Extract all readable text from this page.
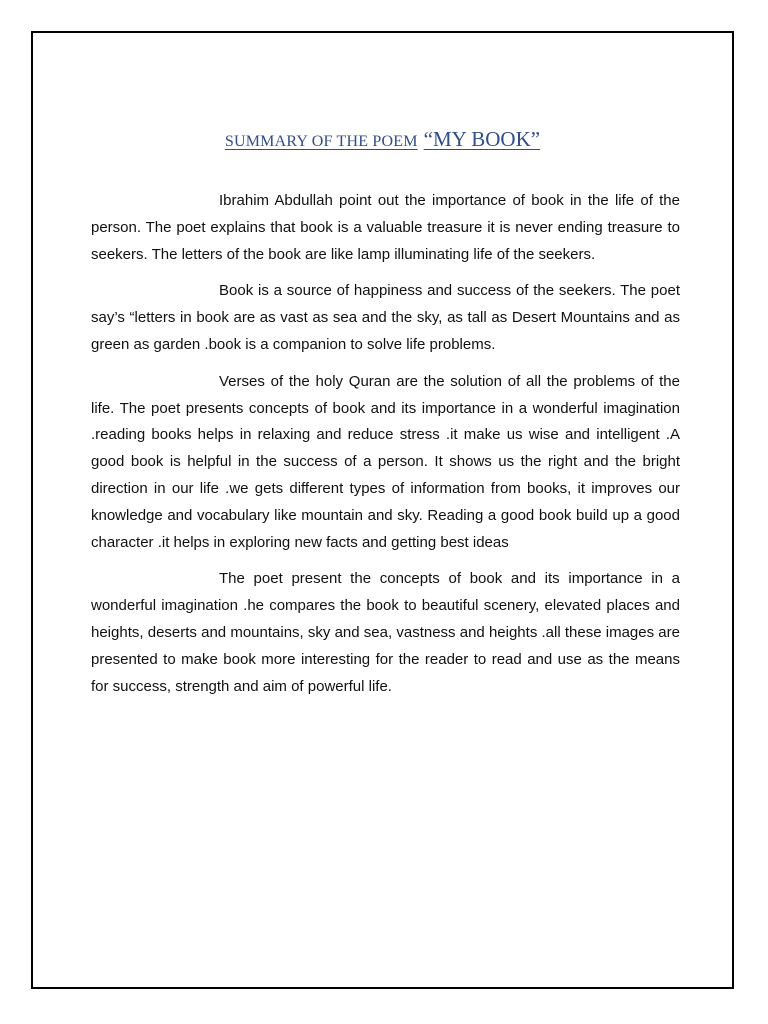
SUMMARY OF THE POEM “MY BOOK”

Ibrahim Abdullah point out the importance of book in the life of the person. The poet explains that book is a valuable treasure it is never ending treasure to seekers. The letters of the book are like lamp illuminating life of the seekers.

Book is a source of happiness and success of the seekers. The poet say’s “letters in book are as vast as sea and the sky, as tall as Desert Mountains and as green as garden .book is a companion to solve life problems.

Verses of the holy Quran are the solution of all the problems of the life. The poet presents concepts of book and its importance in a wonderful imagination .reading books helps in relaxing and reduce stress .it make us wise and intelligent .A good book is helpful in the success of a person. It shows us the right and the bright direction in our life .we gets different types of information from books, it improves our knowledge and vocabulary like mountain and sky. Reading a good book build up a good character .it helps in exploring new facts and getting best ideas

The poet present the concepts of book and its importance in a wonderful imagination .he compares the book to beautiful scenery, elevated places and heights, deserts and mountains, sky and sea, vastness and heights .all these images are presented to make book more interesting for the reader to read and use as the means for success, strength and aim of powerful life.
